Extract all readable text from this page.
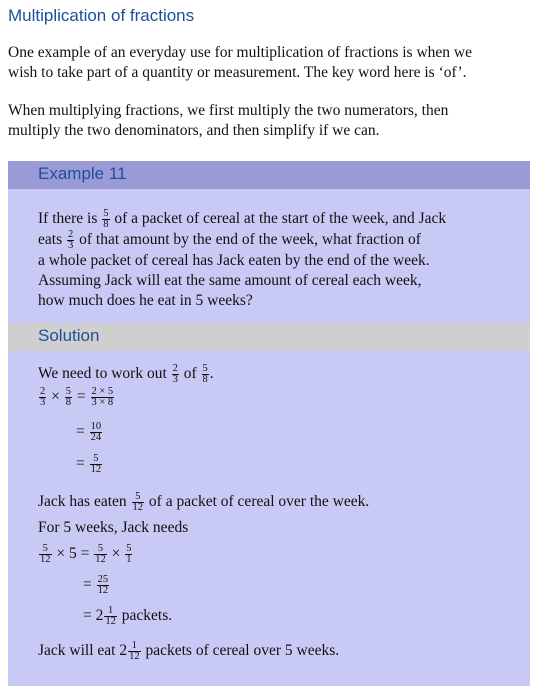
Multiplication of fractions
One example of an everyday use for multiplication of fractions is when we
wish to take part of a quantity or measurement. The key word here is ‘of’.
When multiplying fractions, we first multiply the two numerators, then
multiply the two denominators, and then simplify if we can.
Example 11
If there is $\frac{5}{8}$ of a packet of cereal at the start of the week, and Jack
eats $\frac{2}{3}$ of that amount by the end of the week, what fraction of
a whole packet of cereal has Jack eaten by the end of the week.
Assuming Jack will eat the same amount of cereal each week,
how much does he eat in 5 weeks?
Solution
We need to work out $\frac{2}{3}$ of $\frac{5}{8}$ .
$\frac{2}{3} \times \frac{5}{8} = \frac{2 \times 5}{3 \times 8}$
= $\frac{10}{24}$
= $\frac{5}{12}$
Jack has eaten $\frac{5}{12}$ of a packet of cereal over the week.
For 5 weeks, Jack needs
$\frac{5}{12} \times 5 = \frac{5}{12} \times \frac{5}{1}$
= $\frac{25}{12}$
= $2 \frac{1}{12}$ packets.
Jack will eat $2 \frac{1}{12}$ packets of cereal over 5 weeks.
